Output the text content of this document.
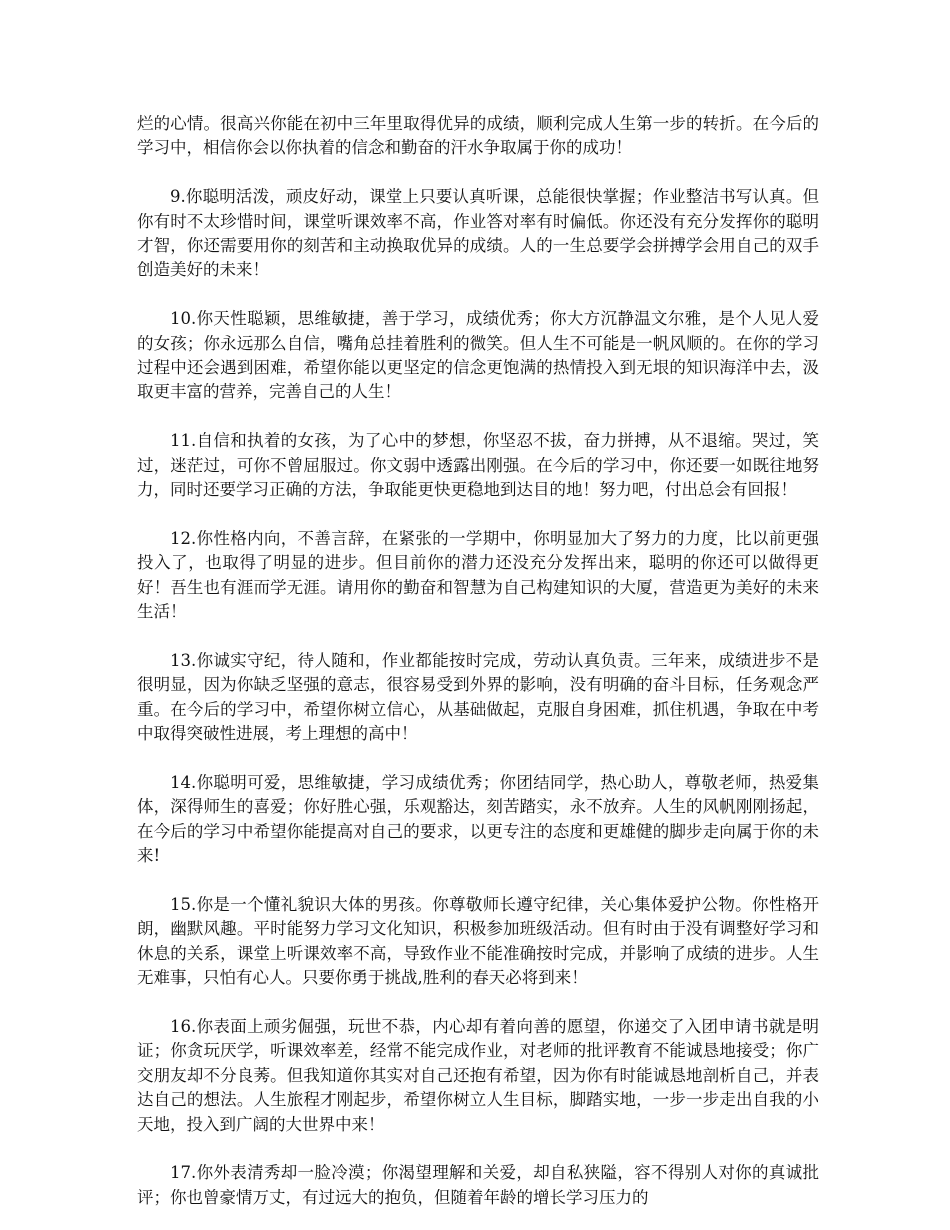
烂的心情。很高兴你能在初中三年里取得优异的成绩，顺利完成人生第一步的转折。在今后的学习中，相信你会以你执着的信念和勤奋的汗水争取属于你的成功！

9.你聪明活泼，顽皮好动，课堂上只要认真听课，总能很快掌握；作业整洁书写认真。但你有时不太珍惜时间，课堂听课效率不高，作业答对率有时偏低。你还没有充分发挥你的聪明才智，你还需要用你的刻苦和主动换取优异的成绩。人的一生总要学会拼搏学会用自己的双手创造美好的未来！

10.你天性聪颖，思维敏捷，善于学习，成绩优秀；你大方沉静温文尔雅，是个人见人爱的女孩；你永远那么自信，嘴角总挂着胜利的微笑。但人生不可能是一帆风顺的。在你的学习过程中还会遇到困难，希望你能以更坚定的信念更饱满的热情投入到无垠的知识海洋中去，汲取更丰富的营养，完善自己的人生！

11.自信和执着的女孩，为了心中的梦想，你坚忍不拔，奋力拼搏，从不退缩。哭过，笑过，迷茫过，可你不曾屈服过。你文弱中透露出刚强。在今后的学习中，你还要一如既往地努力，同时还要学习正确的方法，争取能更快更稳地到达目的地！努力吧，付出总会有回报！

12.你性格内向，不善言辞，在紧张的一学期中，你明显加大了努力的力度，比以前更强投入了，也取得了明显的进步。但目前你的潜力还没充分发挥出来，聪明的你还可以做得更好！吾生也有涯而学无涯。请用你的勤奋和智慧为自己构建知识的大厦，营造更为美好的未来生活！

13.你诚实守纪，待人随和，作业都能按时完成，劳动认真负责。三年来，成绩进步不是很明显，因为你缺乏坚强的意志，很容易受到外界的影响，没有明确的奋斗目标，任务观念严重。在今后的学习中，希望你树立信心，从基础做起，克服自身困难，抓住机遇，争取在中考中取得突破性进展，考上理想的高中！

14.你聪明可爱，思维敏捷，学习成绩优秀；你团结同学，热心助人，尊敬老师，热爱集体，深得师生的喜爱；你好胜心强，乐观豁达，刻苦踏实，永不放弃。人生的风帆刚刚扬起，在今后的学习中希望你能提高对自己的要求，以更专注的态度和更雄健的脚步走向属于你的未来!

15.你是一个懂礼貌识大体的男孩。你尊敬师长遵守纪律，关心集体爱护公物。你性格开朗，幽默风趣。平时能努力学习文化知识，积极参加班级活动。但有时由于没有调整好学习和休息的关系，课堂上听课效率不高，导致作业不能准确按时完成，并影响了成绩的进步。人生无难事，只怕有心人。只要你勇于挑战,胜利的春天必将到来！

16.你表面上顽劣倔强，玩世不恭，内心却有着向善的愿望，你递交了入团申请书就是明证；你贪玩厌学，听课效率差，经常不能完成作业，对老师的批评教育不能诚恳地接受；你广交朋友却不分良莠。但我知道你其实对自己还抱有希望，因为你有时能诚恳地剖析自己，并表达自己的想法。人生旅程才刚起步，希望你树立人生目标，脚踏实地，一步一步走出自我的小天地，投入到广阔的大世界中来！

17.你外表清秀却一脸冷漠；你渴望理解和关爱，却自私狭隘，容不得别人对你的真诚批评；你也曾豪情万丈，有过远大的抱负，但随着年龄的增长学习压力的
